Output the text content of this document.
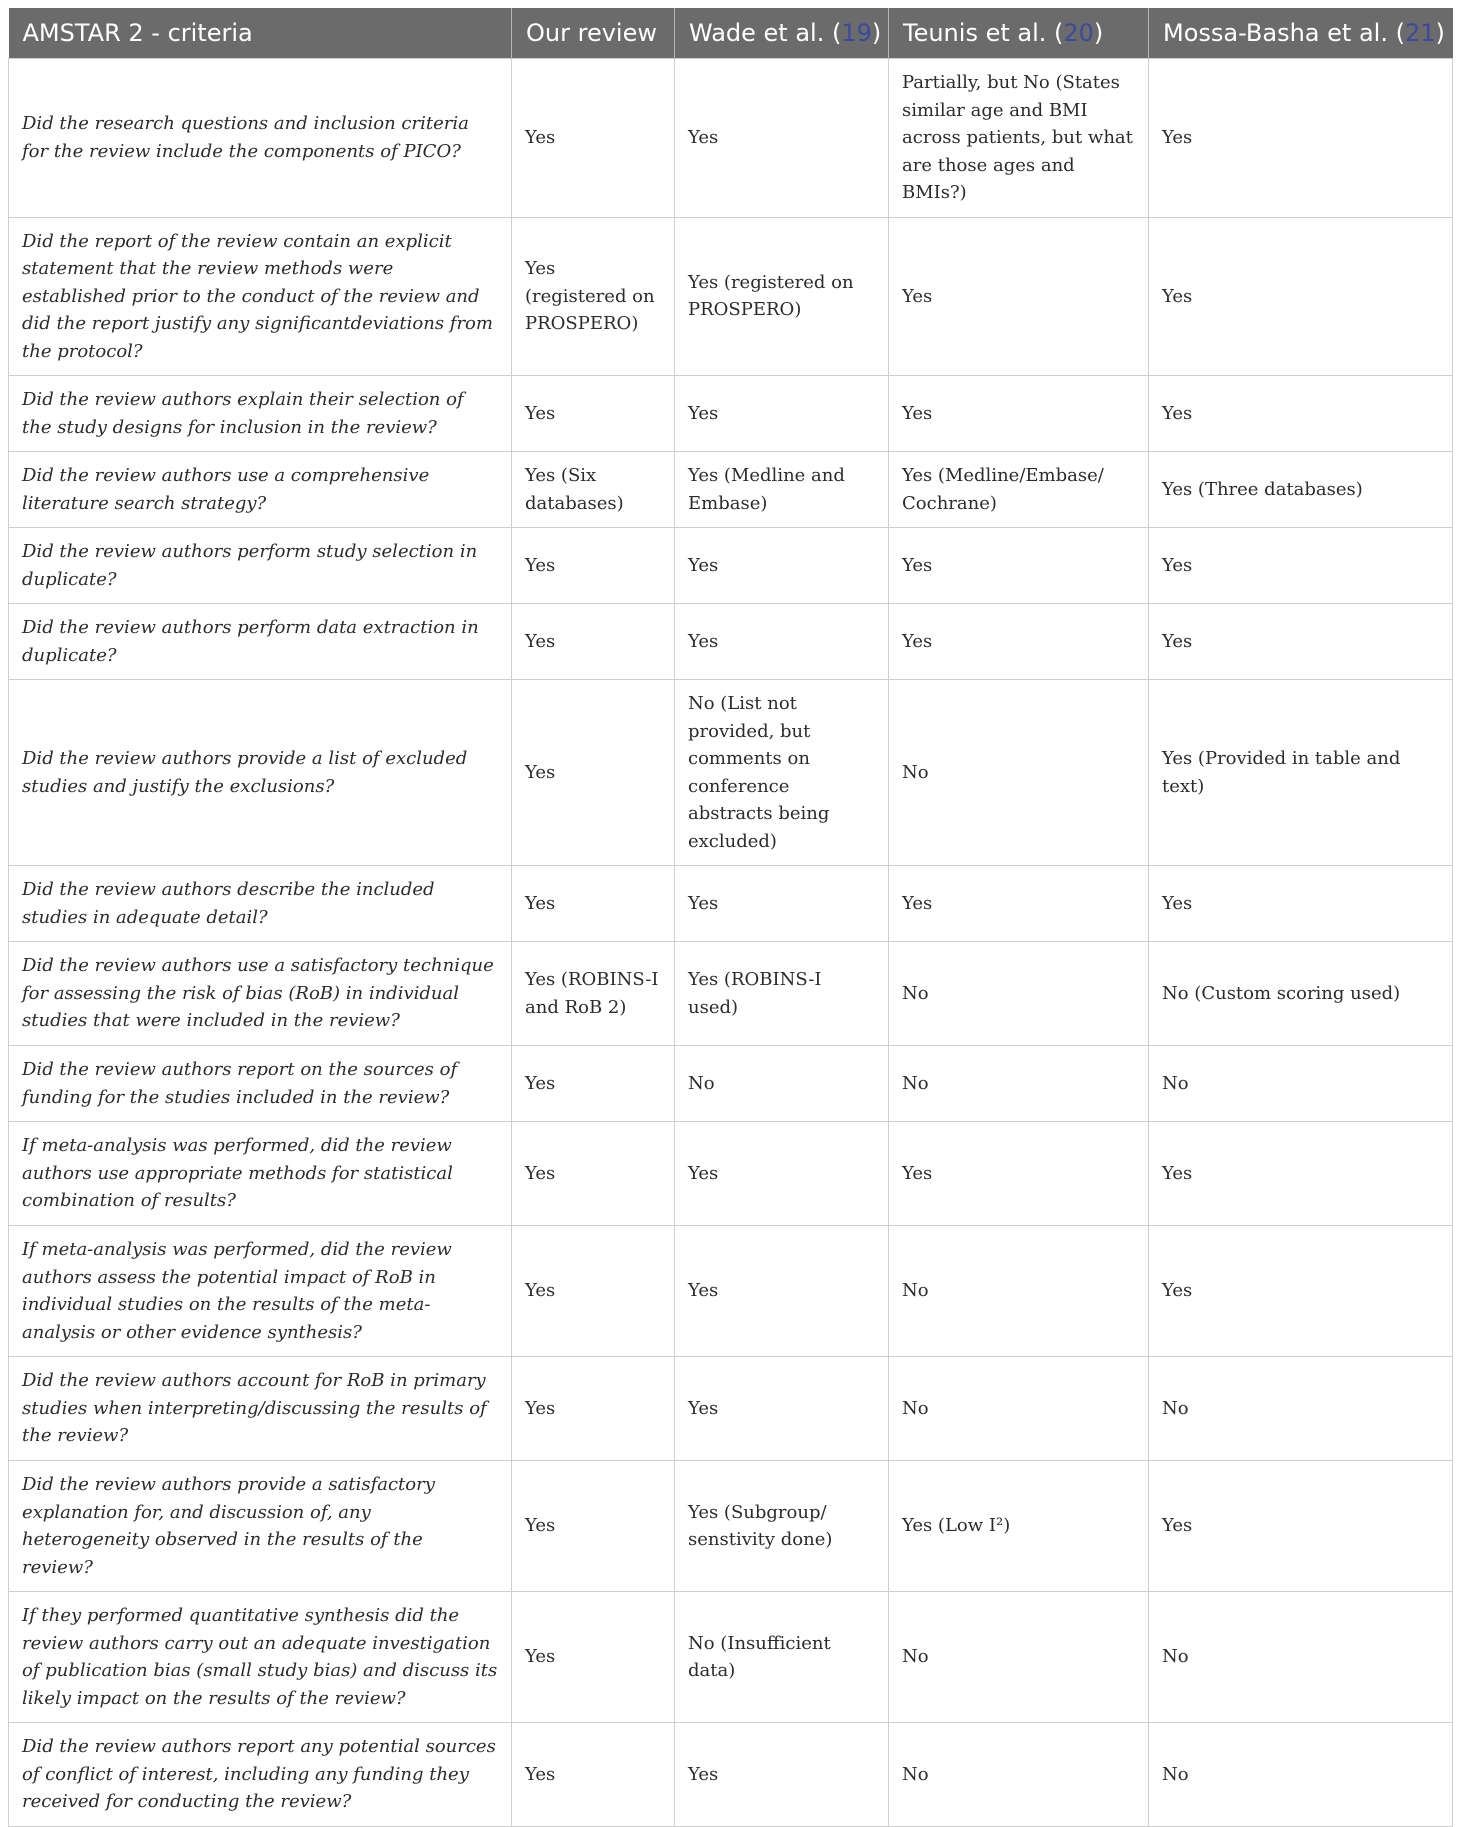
AMSTAR 2 - criteria	Our review	Wade et al. (19)	Teunis et al. (20)	Mossa-Basha et al. (21)
Did the research questions and inclusion criteria for the review include the components of PICO?	Yes	Yes	Partially, but No (States similar age and BMI across patients, but what are those ages and BMIs?)	Yes
Did the report of the review contain an explicit statement that the review methods were established prior to the conduct of the review and did the report justify any significantdeviations from the protocol?	Yes (registered on PROSPERO)	Yes (registered on PROSPERO)	Yes	Yes
Did the review authors explain their selection of the study designs for inclusion in the review?	Yes	Yes	Yes	Yes
Did the review authors use a comprehensive literature search strategy?	Yes (Six databases)	Yes (Medline and Embase)	Yes (Medline/Embase/ Cochrane)	Yes (Three databases)
Did the review authors perform study selection in duplicate?	Yes	Yes	Yes	Yes
Did the review authors perform data extraction in duplicate?	Yes	Yes	Yes	Yes
Did the review authors provide a list of excluded studies and justify the exclusions?	Yes	No (List not provided, but comments on conference abstracts being excluded)	No	Yes (Provided in table and text)
Did the review authors describe the included studies in adequate detail?	Yes	Yes	Yes	Yes
Did the review authors use a satisfactory technique for assessing the risk of bias (RoB) in individual studies that were included in the review?	Yes (ROBINS-I and RoB 2)	Yes (ROBINS-I used)	No	No (Custom scoring used)
Did the review authors report on the sources of funding for the studies included in the review?	Yes	No	No	No
If meta-analysis was performed, did the review authors use appropriate methods for statistical combination of results?	Yes	Yes	Yes	Yes
If meta-analysis was performed, did the review authors assess the potential impact of RoB in individual studies on the results of the meta-analysis or other evidence synthesis?	Yes	Yes	No	Yes
Did the review authors account for RoB in primary studies when interpreting/discussing the results of the review?	Yes	Yes	No	No
Did the review authors provide a satisfactory explanation for, and discussion of, any heterogeneity observed in the results of the review?	Yes	Yes (Subgroup/ senstivity done)	Yes (Low I²)	Yes
If they performed quantitative synthesis did the review authors carry out an adequate investigation of publication bias (small study bias) and discuss its likely impact on the results of the review?	Yes	No (Insufficient data)	No	No
Did the review authors report any potential sources of conflict of interest, including any funding they received for conducting the review?	Yes	Yes	No	No
